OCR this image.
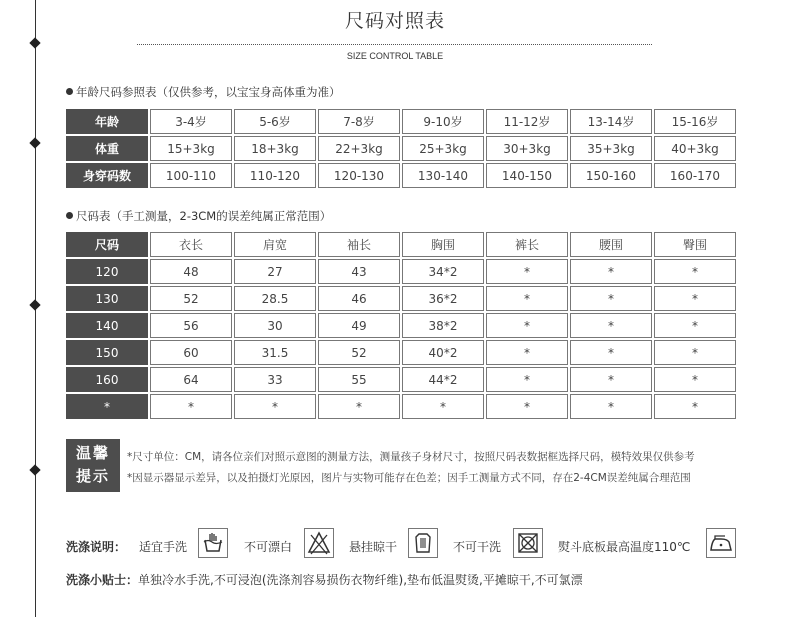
尺码对照表
SIZE CONTROL TABLE
年龄尺码参照表（仅供参考，以宝宝身高体重为准）
年龄	3-4岁	5-6岁	7-8岁	9-10岁	11-12岁	13-14岁	15-16岁
体重	15+3kg	18+3kg	22+3kg	25+3kg	30+3kg	35+3kg	40+3kg
身穿码数	100-110	110-120	120-130	130-140	140-150	150-160	160-170
尺码表（手工测量，2-3CM的误差纯属正常范围）
尺码	衣长	肩宽	袖长	胸围	裤长	腰围	臀围
120	48	27	43	34*2	*	*	*
130	52	28.5	46	36*2	*	*	*
140	56	30	49	38*2	*	*	*
150	60	31.5	52	40*2	*	*	*
160	64	33	55	44*2	*	*	*
*	*	*	*	*	*	*	*
温馨
提示
*尺寸单位：CM，请各位亲们对照示意图的测量方法，测量孩子身材尺寸，按照尺码表数据框选择尺码，模特效果仅供参考
*因显示器显示差异，以及拍摄灯光原因，图片与实物可能存在色差；因手工测量方式不同，存在2-4CM误差纯属合理范围
洗涤说明： 适宜手洗	不可漂白	悬挂晾干	不可干洗	熨斗底板最高温度110℃
洗涤小贴士：单独冷水手洗,不可浸泡(洗涤剂容易损伤衣物纤维),垫布低温熨烫,平摊晾干,不可氯漂
